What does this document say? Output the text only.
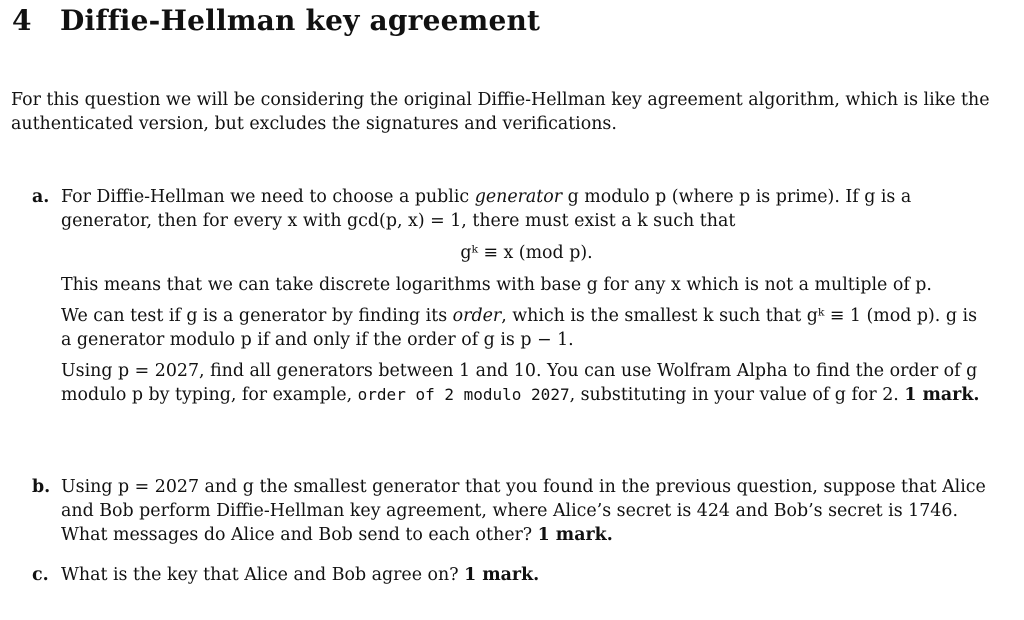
4 Diffie-Hellman key agreement
For this question we will be considering the original Diffie-Hellman key agreement algorithm, which is like the authenticated version, but excludes the signatures and verifications.
a. For Diffie-Hellman we need to choose a public generator g modulo p (where p is prime). If g is a generator, then for every x with gcd(p, x) = 1, there must exist a k such that
gᵏ ≡ x (mod p).
This means that we can take discrete logarithms with base g for any x which is not a multiple of p.
We can test if g is a generator by finding its order, which is the smallest k such that gᵏ ≡ 1 (mod p). g is a generator modulo p if and only if the order of g is p − 1.
Using p = 2027, find all generators between 1 and 10. You can use Wolfram Alpha to find the order of g modulo p by typing, for example, order of 2 modulo 2027, substituting in your value of g for 2. 1 mark.
b. Using p = 2027 and g the smallest generator that you found in the previous question, suppose that Alice and Bob perform Diffie-Hellman key agreement, where Alice’s secret is 424 and Bob’s secret is 1746. What messages do Alice and Bob send to each other? 1 mark.
c. What is the key that Alice and Bob agree on? 1 mark.
